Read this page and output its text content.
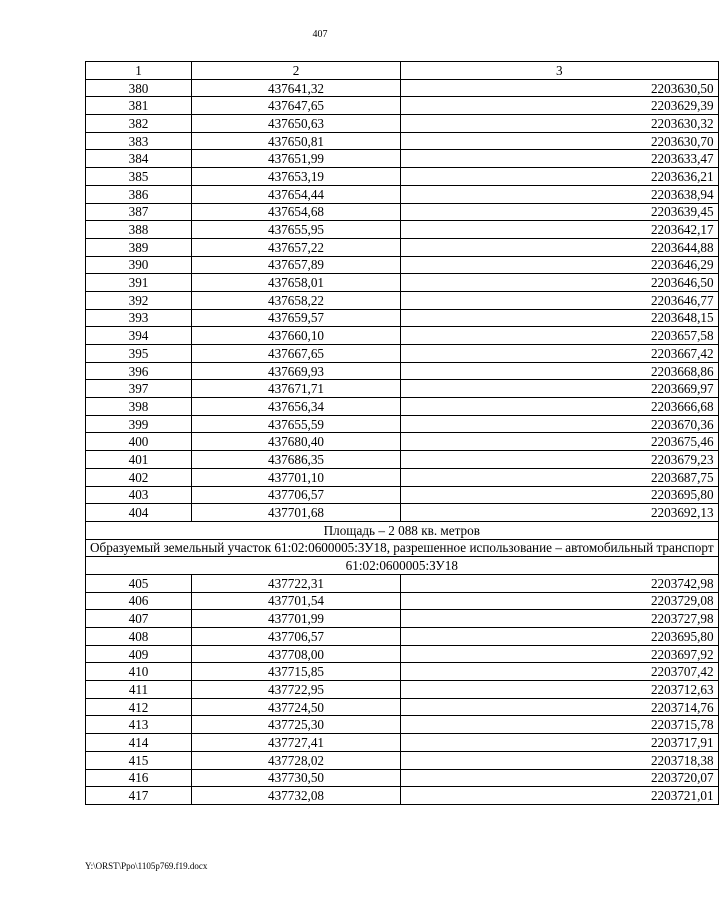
407
1	2	3
380	437641,32	2203630,50
381	437647,65	2203629,39
382	437650,63	2203630,32
383	437650,81	2203630,70
384	437651,99	2203633,47
385	437653,19	2203636,21
386	437654,44	2203638,94
387	437654,68	2203639,45
388	437655,95	2203642,17
389	437657,22	2203644,88
390	437657,89	2203646,29
391	437658,01	2203646,50
392	437658,22	2203646,77
393	437659,57	2203648,15
394	437660,10	2203657,58
395	437667,65	2203667,42
396	437669,93	2203668,86
397	437671,71	2203669,97
398	437656,34	2203666,68
399	437655,59	2203670,36
400	437680,40	2203675,46
401	437686,35	2203679,23
402	437701,10	2203687,75
403	437706,57	2203695,80
404	437701,68	2203692,13
Площадь – 2 088 кв. метров		
Образуемый земельный участок 61:02:0600005:ЗУ18, разрешенное использование – автомобильный транспорт		
61:02:0600005:ЗУ18		
405	437722,31	2203742,98
406	437701,54	2203729,08
407	437701,99	2203727,98
408	437706,57	2203695,80
409	437708,00	2203697,92
410	437715,85	2203707,42
411	437722,95	2203712,63
412	437724,50	2203714,76
413	437725,30	2203715,78
414	437727,41	2203717,91
415	437728,02	2203718,38
416	437730,50	2203720,07
417	437732,08	2203721,01
Y:\ORST\Ppo\1105p769.f19.docx
